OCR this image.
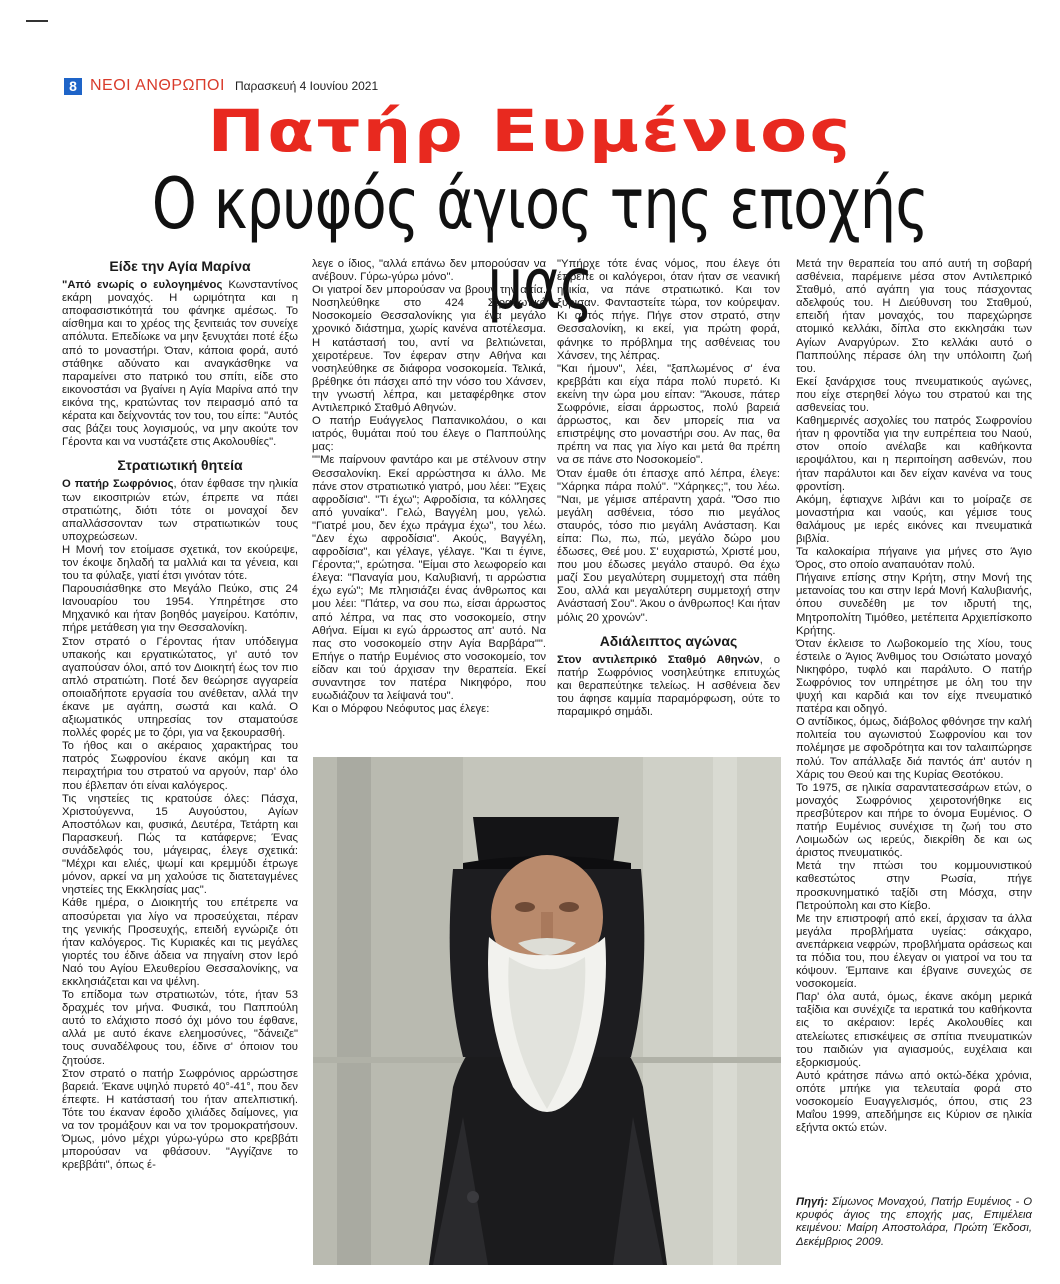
8 ΝΕΟΙ ΑΝΘΡΩΠΟΙ Παρασκευή 4 Ιουνίου 2021
Πατήρ Ευμένιος
Ο κρυφός άγιος της εποχής μας
Είδε την Αγία Μαρίνα

"Από ενωρίς ο ευλογημένος Κωνσταντίνος εκάρη μοναχός. Η ωριμότητα και η αποφασιστικότητά του φάνηκε αμέσως. Το αίσθημα και το χρέος της ξενιτειάς τον συνείχε απόλυτα. Επεδίωκε να μην ξενυχτάει ποτέ έξω από το μοναστήρι. Όταν, κάποια φορά, αυτό στάθηκε αδύνατο και αναγκάσθηκε να παραμείνει στο πατρικό του σπίτι, είδε στο εικονοστάσι να βγαίνει η Αγία Μαρίνα από την εικόνα της, κρατώντας τον πειρασμό από τα κέρατα και δείχνοντάς τον του, του είπε: "Αυτός σας βάζει τους λογισμούς, να μην ακούτε τον Γέροντα και να νυστάζετε στις Ακολουθίες".

Στρατιωτική θητεία

Ο πατήρ Σωφρόνιος, όταν έφθασε την ηλικία των εικοσιτριών ετών, έπρεπε να πάει στρατιώτης, διότι τότε οι μοναχοί δεν απαλλάσσονταν των στρατιωτικών τους υποχρεώσεων.

Η Μονή τον ετοίμασε σχετικά, τον εκούρεψε, τον έκοψε δηλαδή τα μαλλιά και τα γένεια, και του τα φύλαξε, γιατί έτσι γινόταν τότε.

Παρουσιάσθηκε στο Μεγάλο Πεύκο, στις 24 Ιανουαρίου του 1954. Υπηρέτησε στο Μηχανικό και ήταν βοηθός μαγείρου. Κατόπιν, πήρε μετάθεση για την Θεσσαλονίκη.

Στον στρατό ο Γέροντας ήταν υπόδειγμα υπακοής και εργατικώτατος, γι' αυτό τον αγαπούσαν όλοι, από τον Διοικητή έως τον πιο απλό στρατιώτη. Ποτέ δεν θεώρησε αγγαρεία οποιαδήποτε εργασία του ανέθεταν, αλλά την έκανε με αγάπη, σωστά και καλά. Ο αξιωματικός υπηρεσίας τον σταματούσε πολλές φορές με το ζόρι, για να ξεκουρασθή.

Το ήθος και ο ακέραιος χαρακτήρας του πατρός Σωφρονίου έκανε ακόμη και τα πειραχτήρια του στρατού να αργούν, παρ' όλο που έβλεπαν ότι είναι καλόγερος.

Τις νηστείες τις κρατούσε όλες: Πάσχα, Χριστούγεννα, 15 Αυγούστου, Αγίων Αποστόλων και, φυσικά, Δευτέρα, Τετάρτη και Παρασκευή. Πώς τα κατάφερνε; Ένας συνάδελφός του, μάγειρας, έλεγε σχετικά: "Μέχρι και ελιές, ψωμί και κρεμμύδι έτρωγε μόνον, αρκεί να μη χαλούσε τις διατεταγμένες νηστείες της Εκκλησίας μας".

Κάθε ημέρα, ο Διοικητής του επέτρεπε να αποσύρεται για λίγο να προσεύχεται, πέραν της γενικής Προσευχής, επειδή εγνώριζε ότι ήταν καλόγερος. Τις Κυριακές και τις μεγάλες γιορτές του έδινε άδεια να πηγαίνη στον Ιερό Ναό του Αγίου Ελευθερίου Θεσσαλονίκης, να εκκλησιάζεται και να ψέλνη.

Το επίδομα των στρατιωτών, τότε, ήταν 53 δραχμές τον μήνα. Φυσικά, του Παππούλη αυτό το ελάχιστο ποσό όχι μόνο του έφθανε, αλλά με αυτό έκανε ελεημοσύνες, "δάνειζε" τους συναδέλφους του, έδινε σ' όποιον του ζητούσε.

Στον στρατό ο πατήρ Σωφρόνιος αρρώστησε βαρειά. Έκανε υψηλό πυρετό 40°-41°, που δεν έπεφτε. Η κατάστασή του ήταν απελπιστική. Τότε του έκαναν έφοδο χιλιάδες δαίμονες, για να τον τρομάξουν και να τον τρομοκρατήσουν. Όμως, μόνο μέχρι γύρω-γύρω στο κρεββάτι μπορούσαν να φθάσουν. "Αγγίζανε το κρεββάτι", όπως έ-

λεγε ο ίδιος, "αλλά επάνω δεν μπορούσαν να ανέβουν. Γύρω-γύρω μόνο".

Οι γιατροί δεν μπορούσαν να βρουν την αιτία. Νοσηλεύθηκε στο 424 Στρατιωτικό Νοσοκομείο Θεσσαλονίκης για ένα μεγάλο χρονικό διάστημα, χωρίς κανένα αποτέλεσμα. Η κατάστασή του, αντί να βελτιώνεται, χειροτέρευε. Τον έφεραν στην Αθήνα και νοσηλεύθηκε σε διάφορα νοσοκομεία. Τελικά, βρέθηκε ότι πάσχει από την νόσο του Χάνσεν, την γνωστή λέπρα, και μεταφέρθηκε στον Αντιλεπρικό Σταθμό Αθηνών.

Ο πατήρ Ευάγγελος Παπανικολάου, ο και ιατρός, θυμάται πού του έλεγε ο Παππούλης μας:

""Με παίρνουν φαντάρο και με στέλνουν στην Θεσσαλονίκη. Εκεί αρρώστησα κι άλλο. Με πάνε στον στρατιωτικό γιατρό, μου λέει: "Έχεις αφροδίσια". "Τι έχω"; Αφροδίσια, τα κόλλησες από γυναίκα". Γελώ, Βαγγέλη μου, γελώ. "Γιατρέ μου, δεν έχω πράγμα έχω", του λέω. "Δεν έχω αφροδίσια". Ακούς, Βαγγέλη, αφροδίσια", και γέλαγε, γέλαγε. "Και τι έγινε, Γέροντα;", ερώτησα. "Είμαι στο λεωφορείο και έλεγα: "Παναγία μου, Καλυβιανή, τι αρρώστια έχω εγώ"; Με πληισιάζει ένας άνθρωπος και μου λέει: "Πάτερ, να σου πω, είσαι άρρωστος από λέπρα, να πας στο νοσοκομείο, στην Αθήνα. Είμαι κι εγώ άρρωστος απ' αυτό. Να πας στο νοσοκομείο στην Αγία Βαρβάρα"". Επήγε ο πατήρ Ευμένιος στο νοσοκομείο, τον είδαν και τού άρχισαν την θεραπεία. Εκεί συναντησε τον πατέρα Νικηφόρο, που ευωδιάζουν τα λείψανά του".

Και ο Μόρφου Νεόφυτος μας έλεγε:

"Υπήρχε τότε ένας νόμος, που έλεγε ότι έπρεπε οι καλόγεροι, όταν ήταν σε νεανική ηλικία, να πάνε στρατιωτικό. Και τον ξύρισαν. Φανταστείτε τώρα, τον κούρεψαν. Κι αυτός πήγε. Πήγε στον στρατό, στην Θεσσαλονίκη, κι εκεί, για πρώτη φορά, φάνηκε το πρόβλημα της ασθένειας του Χάνσεν, της λέπρας.

"Και ήμουν", λέει, "ξαπλωμένος σ' ένα κρεββάτι και είχα πάρα πολύ πυρετό. Κι εκείνη την ώρα μου είπαν: "Άκουσε, πάτερ Σωφρόνιε, είσαι άρρωστος, πολύ βαρειά άρρωστος, και δεν μπορείς πια να επιστρέψης στο μοναστήρι σου. Αν πας, θα πρέπη να πας για λίγο και μετά θα πρέπη να σε πάνε στο Νοσοκομείο".

Όταν έμαθε ότι έπασχε από λέπρα, έλεγε: "Χάρηκα πάρα πολύ". "Χάρηκες;", του λέω. "Ναι, με γέμισε απέραντη χαρά. "Όσο πιο μεγάλη ασθένεια, τόσο πιο μεγάλος σταυρός, τόσο πιο μεγάλη Ανάσταση. Και είπα: Πω, πω, πώ, μεγάλο δώρο μου έδωσες, Θεέ μου. Σ' ευχαριστώ, Χριστέ μου, που μου έδωσες μεγάλο σταυρό. Θα έχω μαζί Σου μεγαλύτερη συμμετοχή στα πάθη Σου, αλλά και μεγαλύτερη συμμετοχή στην Ανάστασή Σου". Άκου ο άνθρωπος! Και ήταν μόλις 20 χρονών".

Αδιάλειπτος αγώνας

Στον αντιλεπρικό Σταθμό Αθηνών, ο πατήρ Σωφρόνιος νοσηλεύτηκε επιτυχώς και θεραπεύτηκε τελείως. Η ασθένεια δεν του άφησε καμμία παραμόρφωση, ούτε το παραμικρό σημάδι.

Μετά την θεραπεία του από αυτή τη σοβαρή ασθένεια, παρέμεινε μέσα στον Αντιλεπρικό Σταθμό, από αγάπη για τους πάσχοντας αδελφούς του. Η Διεύθυνση του Σταθμού, επειδή ήταν μοναχός, του παρεχώρησε ατομικό κελλάκι, δίπλα στο εκκλησάκι των Αγίων Αναργύρων. Στο κελλάκι αυτό ο Παππούλης πέρασε όλη την υπόλοιπη ζωή του.

Εκεί ξανάρχισε τους πνευματικούς αγώνες, που είχε στερηθεί λόγω του στρατού και της ασθενείας του.

Καθημερινές ασχολίες του πατρός Σωφρονίου ήταν η φροντίδα για την ευπρέπεια του Ναού, στον οποίο ανέλαβε και καθήκοντα ιεροψάλτου, και η περιποίηση ασθενών, που ήταν παράλυτοι και δεν είχαν κανένα να τους φροντίση.

Ακόμη, έφτιαχνε λιβάνι και το μοίραζε σε μοναστήρια και ναούς, και γέμισε τους θαλάμους με ιερές εικόνες και πνευματικά βιβλία.

Τα καλοκαίρια πήγαινε για μήνες στο Άγιο Όρος, στο οποίο αναπαυόταν πολύ.

Πήγαινε επίσης στην Κρήτη, στην Μονή της μετανοίας του και στην Ιερά Μονή Καλυβιανής, όπου συνεδέθη με τον ιδρυτή της, Μητροπολίτη Τιμόθεο, μετέπειτα Αρχιεπίσκοπο Κρήτης.

Όταν έκλεισε το Λωβοκομείο της Χίου, τους έστειλε ο Άγιος Άνθιμος του Οσιώτατο μοναχό Νικηφόρο, τυφλό και παράλυτο. Ο πατήρ Σωφρόνιος τον υπηρέτησε με όλη του την ψυχή και καρδιά και τον είχε πνευματικό πατέρα και οδηγό.

Ο αντίδικος, όμως, διάβολος φθόνησε την καλή πολιτεία του αγωνιστού Σωφρονίου και τον πολέμησε με σφοδρότητα και τον ταλαιπώρησε πολύ. Τον απάλλαξε διά παντός άπ' αυτόν η Χάρις του Θεού και της Κυρίας Θεοτόκου.

Το 1975, σε ηλικία σαραντατεσσάρων ετών, ο μοναχός Σωφρόνιος χειροτονήθηκε εις πρεσβύτερον και πήρε το όνομα Ευμένιος. Ο πατήρ Ευμένιος συνέχισε τη ζωή του στο Λοιμωδών ως ιερεύς, διεκρίθη δε και ως άριστος πνευματικός.

Μετά την πτώσι του κομμουνιστικού καθεστώτος στην Ρωσία, πήγε προσκυνηματικό ταξίδι στη Μόσχα, στην Πετρούπολη και στο Κίεβο.

Με την επιστροφή από εκεί, άρχισαν τα άλλα μεγάλα προβλήματα υγείας: σάκχαρο, ανεπάρκεια νεφρών, προβλήματα οράσεως και τα πόδια του, που έλεγαν οι γιατροί να του τα κόψουν. Έμπαινε και έβγαινε συνεχώς σε νοσοκομεία.

Παρ' όλα αυτά, όμως, έκανε ακόμη μερικά ταξίδια και συνέχιζε τα ιερατικά του καθήκοντα εις το ακέραιον: Ιερές Ακολουθίες και ατελείωτες επισκέψεις σε σπίτια πνευματικών του παιδιών για αγιασμούς, ευχέλαια και εξορκισμούς.

Αυτό κράτησε πάνω από οκτώ-δέκα χρόνια, οπότε μπήκε για τελευταία φορά στο νοσοκομείο Ευαγγελισμός, όπου, στις 23 Μαΐου 1999, απεδήμησε εις Κύριον σε ηλικία εξήντα οκτώ ετών.

Πηγή: Σίμωνος Μοναχού, Πατήρ Ευμένιος - Ο κρυφός άγιος της εποχής μας, Επιμέλεια κειμένου: Μαίρη Αποστολάρα, Πρώτη Έκδοσι, Δεκέμβριος 2009.
